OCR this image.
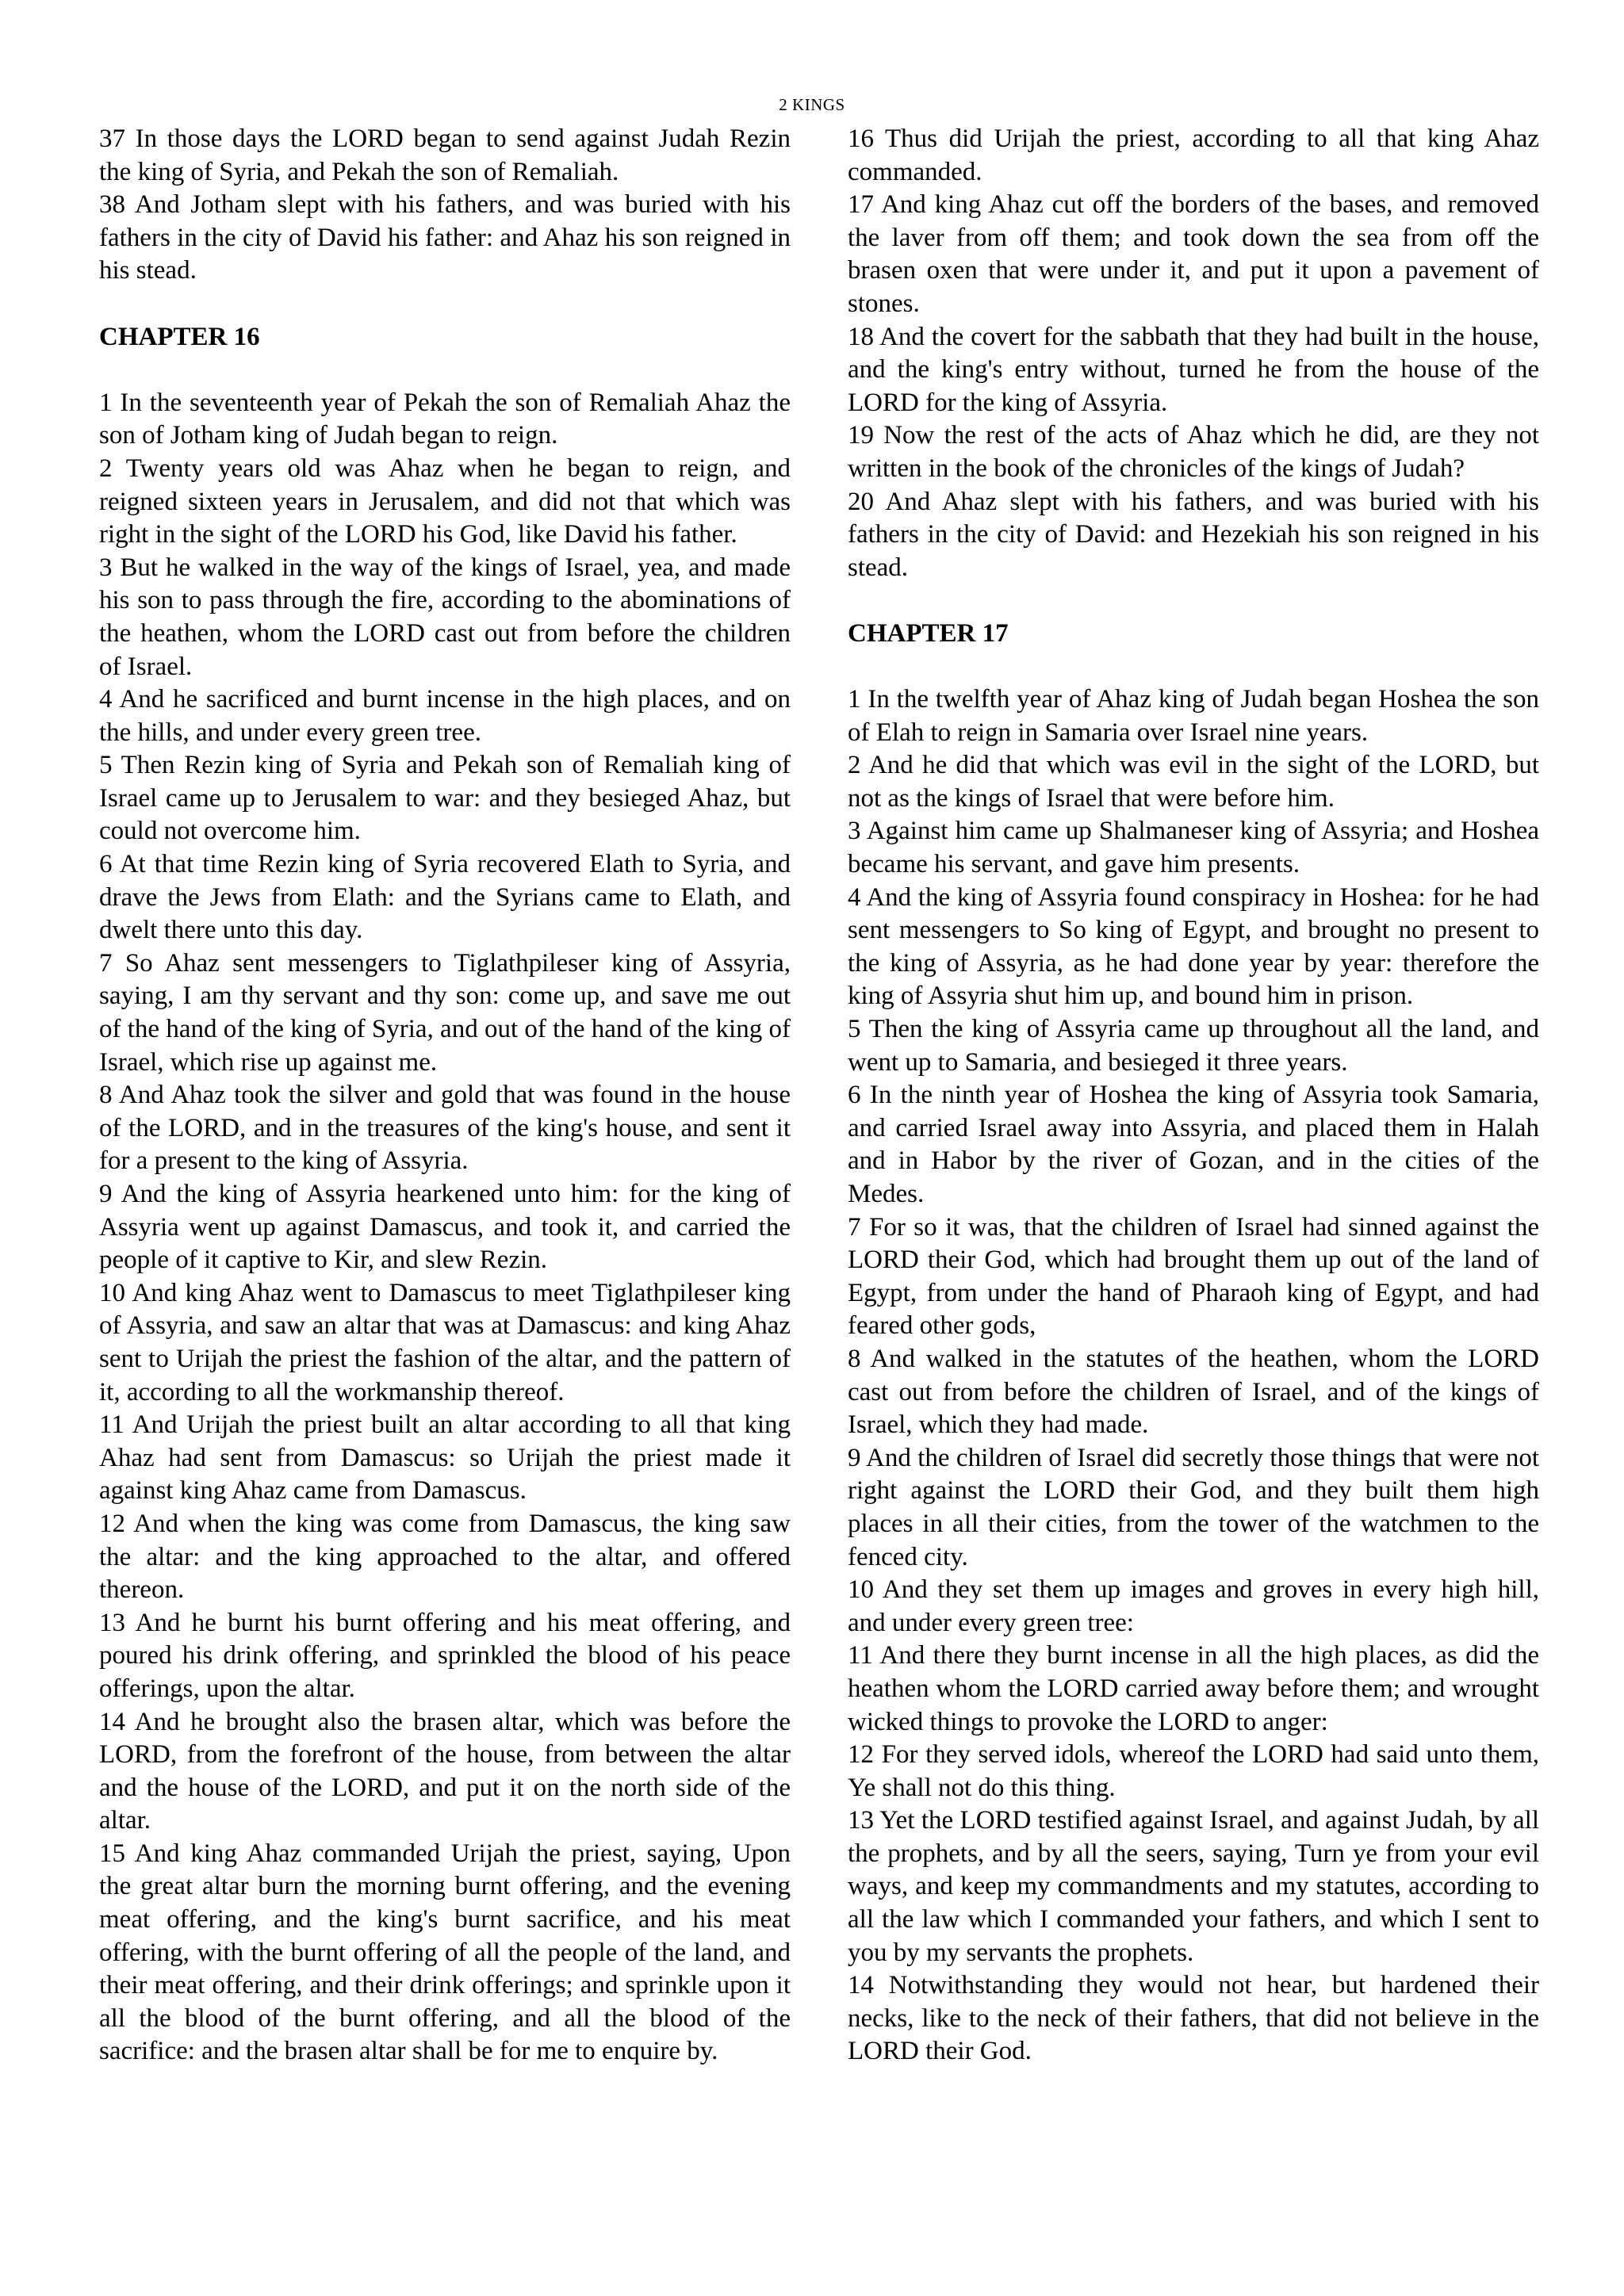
2 KINGS

37 In those days the LORD began to send against Judah Rezin the king of Syria, and Pekah the son of Remaliah.

38 And Jotham slept with his fathers, and was buried with his fathers in the city of David his father: and Ahaz his son reigned in his stead.

CHAPTER 16

1 In the seventeenth year of Pekah the son of Remaliah Ahaz the son of Jotham king of Judah began to reign.

2 Twenty years old was Ahaz when he began to reign, and reigned sixteen years in Jerusalem, and did not that which was right in the sight of the LORD his God, like David his father.

3 But he walked in the way of the kings of Israel, yea, and made his son to pass through the fire, according to the abominations of the heathen, whom the LORD cast out from before the children of Israel.

4 And he sacrificed and burnt incense in the high places, and on the hills, and under every green tree.

5 Then Rezin king of Syria and Pekah son of Remaliah king of Israel came up to Jerusalem to war: and they besieged Ahaz, but could not overcome him.

6 At that time Rezin king of Syria recovered Elath to Syria, and drave the Jews from Elath: and the Syrians came to Elath, and dwelt there unto this day.

7 So Ahaz sent messengers to Tiglathpileser king of Assyria, saying, I am thy servant and thy son: come up, and save me out of the hand of the king of Syria, and out of the hand of the king of Israel, which rise up against me.

8 And Ahaz took the silver and gold that was found in the house of the LORD, and in the treasures of the king's house, and sent it for a present to the king of Assyria.

9 And the king of Assyria hearkened unto him: for the king of Assyria went up against Damascus, and took it, and carried the people of it captive to Kir, and slew Rezin.

10 And king Ahaz went to Damascus to meet Tiglathpileser king of Assyria, and saw an altar that was at Damascus: and king Ahaz sent to Urijah the priest the fashion of the altar, and the pattern of it, according to all the workmanship thereof.

11 And Urijah the priest built an altar according to all that king Ahaz had sent from Damascus: so Urijah the priest made it against king Ahaz came from Damascus.

12 And when the king was come from Damascus, the king saw the altar: and the king approached to the altar, and offered thereon.

13 And he burnt his burnt offering and his meat offering, and poured his drink offering, and sprinkled the blood of his peace offerings, upon the altar.

14 And he brought also the brasen altar, which was before the LORD, from the forefront of the house, from between the altar and the house of the LORD, and put it on the north side of the altar.

15 And king Ahaz commanded Urijah the priest, saying, Upon the great altar burn the morning burnt offering, and the evening meat offering, and the king's burnt sacrifice, and his meat offering, with the burnt offering of all the people of the land, and their meat offering, and their drink offerings; and sprinkle upon it all the blood of the burnt offering, and all the blood of the sacrifice: and the brasen altar shall be for me to enquire by.

16 Thus did Urijah the priest, according to all that king Ahaz commanded.

17 And king Ahaz cut off the borders of the bases, and removed the laver from off them; and took down the sea from off the brasen oxen that were under it, and put it upon a pavement of stones.

18 And the covert for the sabbath that they had built in the house, and the king's entry without, turned he from the house of the LORD for the king of Assyria.

19 Now the rest of the acts of Ahaz which he did, are they not written in the book of the chronicles of the kings of Judah?

20 And Ahaz slept with his fathers, and was buried with his fathers in the city of David: and Hezekiah his son reigned in his stead.

CHAPTER 17

1 In the twelfth year of Ahaz king of Judah began Hoshea the son of Elah to reign in Samaria over Israel nine years.

2 And he did that which was evil in the sight of the LORD, but not as the kings of Israel that were before him.

3 Against him came up Shalmaneser king of Assyria; and Hoshea became his servant, and gave him presents.

4 And the king of Assyria found conspiracy in Hoshea: for he had sent messengers to So king of Egypt, and brought no present to the king of Assyria, as he had done year by year: therefore the king of Assyria shut him up, and bound him in prison.

5 Then the king of Assyria came up throughout all the land, and went up to Samaria, and besieged it three years.

6 In the ninth year of Hoshea the king of Assyria took Samaria, and carried Israel away into Assyria, and placed them in Halah and in Habor by the river of Gozan, and in the cities of the Medes.

7 For so it was, that the children of Israel had sinned against the LORD their God, which had brought them up out of the land of Egypt, from under the hand of Pharaoh king of Egypt, and had feared other gods,

8 And walked in the statutes of the heathen, whom the LORD cast out from before the children of Israel, and of the kings of Israel, which they had made.

9 And the children of Israel did secretly those things that were not right against the LORD their God, and they built them high places in all their cities, from the tower of the watchmen to the fenced city.

10 And they set them up images and groves in every high hill, and under every green tree:

11 And there they burnt incense in all the high places, as did the heathen whom the LORD carried away before them; and wrought wicked things to provoke the LORD to anger:

12 For they served idols, whereof the LORD had said unto them, Ye shall not do this thing.

13 Yet the LORD testified against Israel, and against Judah, by all the prophets, and by all the seers, saying, Turn ye from your evil ways, and keep my commandments and my statutes, according to all the law which I commanded your fathers, and which I sent to you by my servants the prophets.

14 Notwithstanding they would not hear, but hardened their necks, like to the neck of their fathers, that did not believe in the LORD their God.
